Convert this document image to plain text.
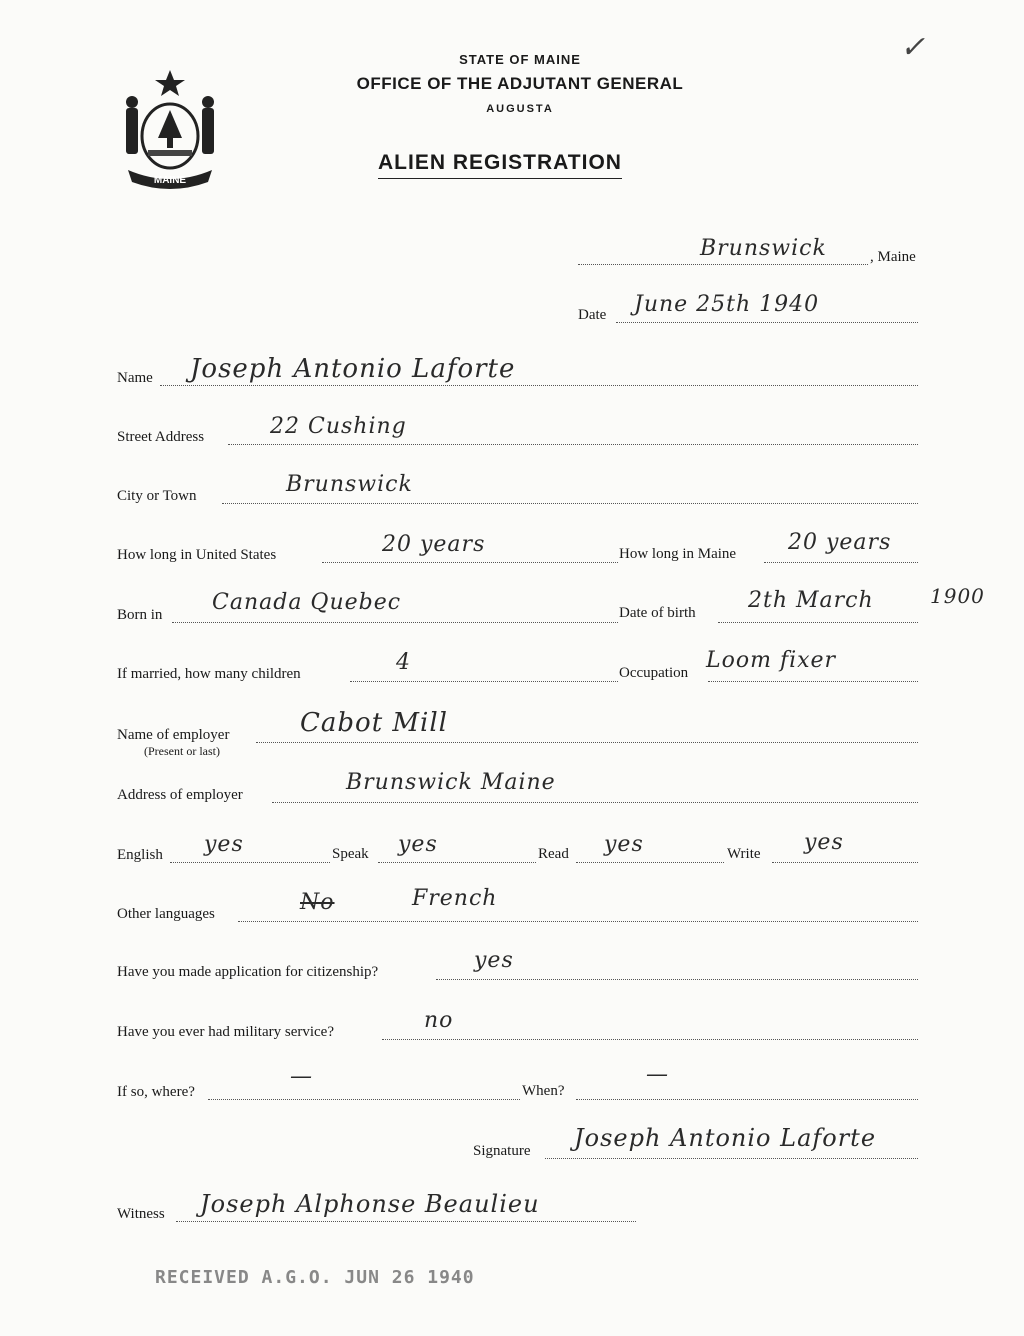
STATE OF MAINE
OFFICE OF THE ADJUTANT GENERAL
AUGUSTA
ALIEN REGISTRATION
MAINE
✓
Brunswick	, Maine
Date June 25th 1940
Name Joseph Antonio Laforte
Street Address	22 Cushing
City or Town	Brunswick
How long in United States	20 years	How long in Maine 20 years
Born in Canada Quebec	Date of birth 2th March	1900
If married, how many children	4	Occupation Loom fixer
Name of employer
(Present or last)
Cabot Mill
Address of employer	Brunswick Maine
English yes	Speak yes	Read yes	Write yes
Other languages	No	French
Have you made application for citizenship?	yes
Have you ever had military service?	no
If so, where?
—
When?
—
Signature Joseph Antonio Laforte
Witness Joseph Alphonse Beaulieu
RECEIVED A.G.O. JUN 26 1940
